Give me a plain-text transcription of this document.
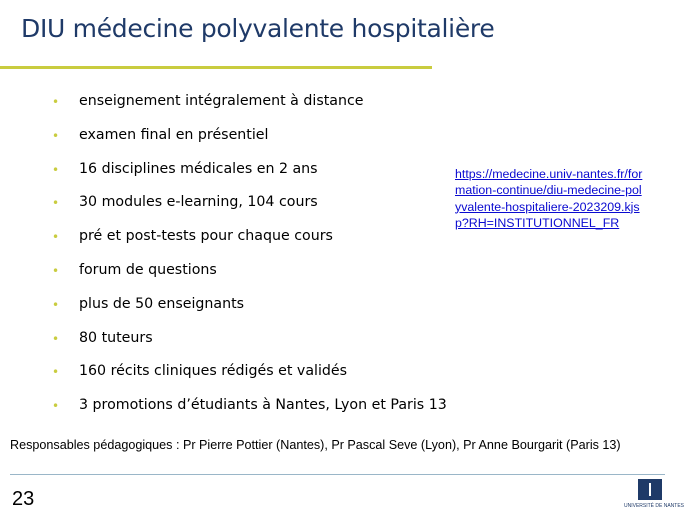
DIU médecine polyvalente hospitalière
• enseignement intégralement à distance
• examen final en présentiel
• 16 disciplines médicales en 2 ans
• 30 modules e-learning, 104 cours
• pré et post-tests pour chaque cours
• forum de questions
• plus de 50 enseignants
• 80 tuteurs
• 160 récits cliniques rédigés et validés
• 3 promotions d’étudiants à Nantes, Lyon et Paris 13
https://medecine.univ-nantes.fr/formation-continue/diu-medecine-polyvalente-hospitaliere-2023209.kjsp?RH=INSTITUTIONNEL_FR
Responsables pédagogiques : Pr Pierre Pottier (Nantes), Pr Pascal Seve (Lyon), Pr Anne Bourgarit (Paris 13)
23	UNIVERSITÉ DE NANTES
